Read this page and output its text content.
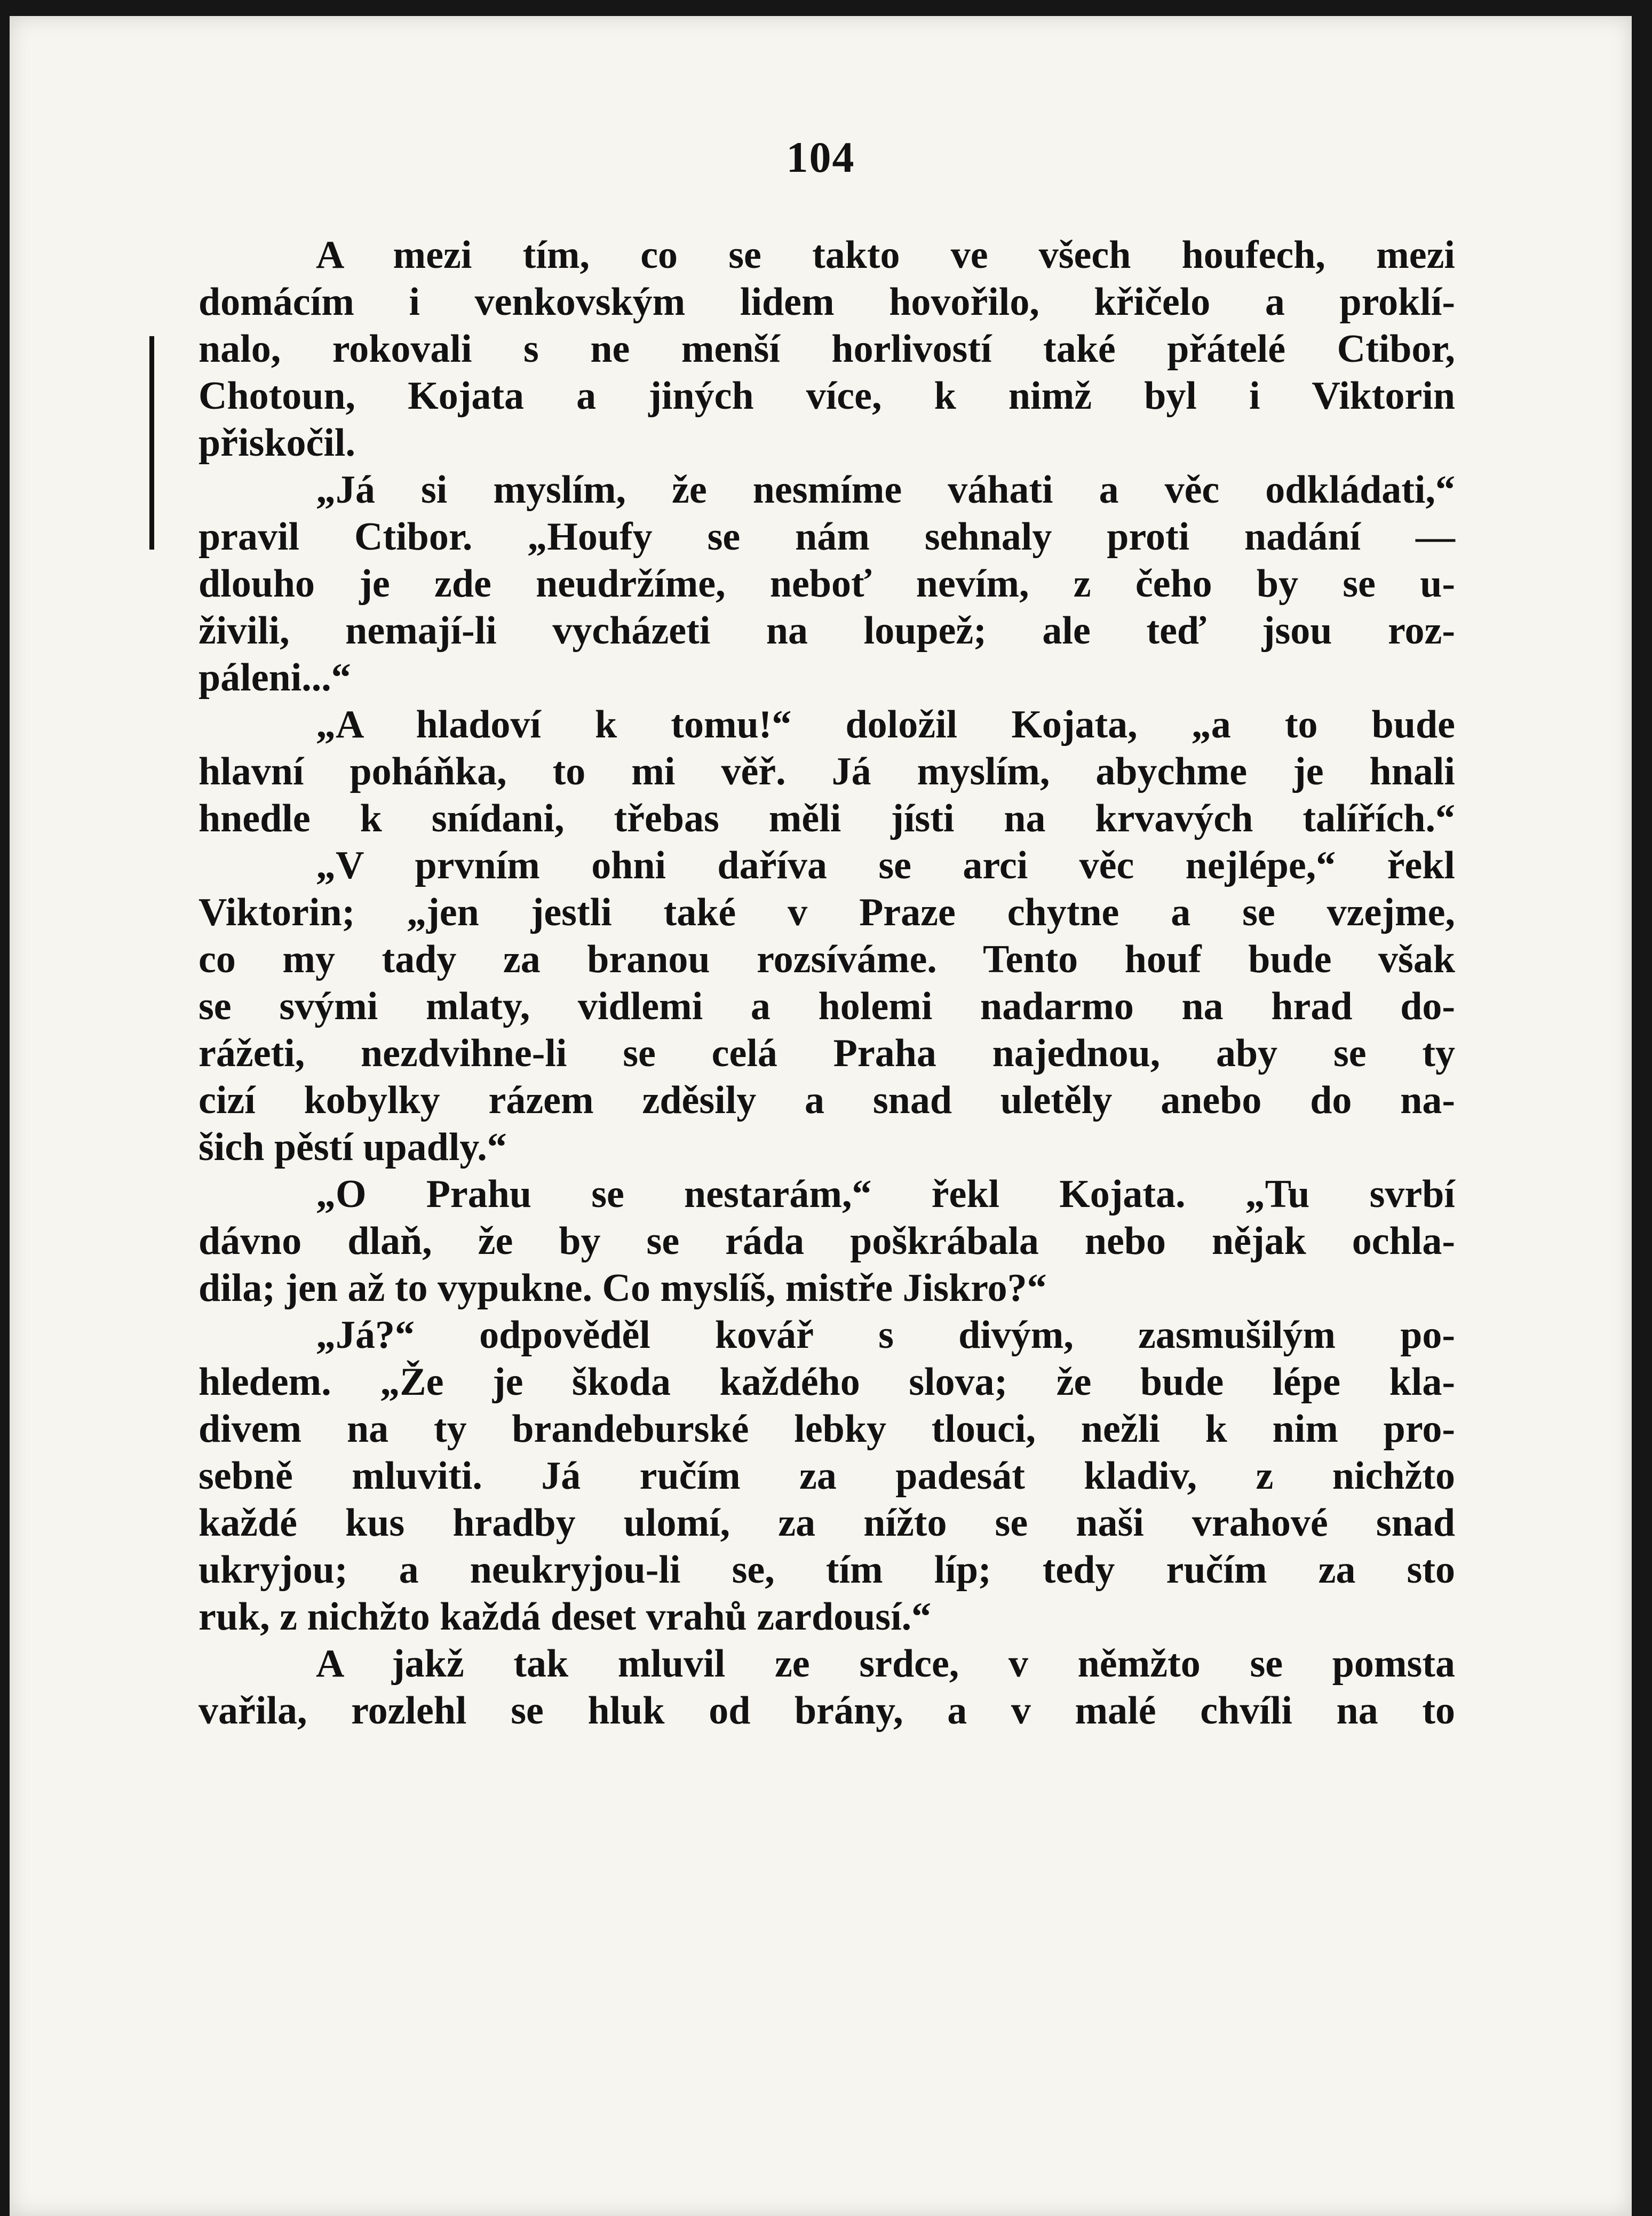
104
A mezi tím, co se takto ve všech houfech, mezi
domácím i venkovským lidem hovořilo, křičelo a proklí-
nalo, rokovali s ne menší horlivostí také přátelé Ctibor,
Chotoun, Kojata a jiných více, k nimž byl i Viktorin
přiskočil.
„Já si myslím, že nesmíme váhati a věc odkládati,“
pravil Ctibor. „Houfy se nám sehnaly proti nadání —
dlouho je zde neudržíme, neboť nevím, z čeho by se u-
živili, nemají-li vycházeti na loupež; ale teď jsou roz-
páleni...“
„A hladoví k tomu!“ doložil Kojata, „a to bude
hlavní poháňka, to mi věř. Já myslím, abychme je hnali
hnedle k snídani, třebas měli jísti na krvavých talířích.“
„V prvním ohni daříva se arci věc nejlépe,“ řekl
Viktorin; „jen jestli také v Praze chytne a se vzejme,
co my tady za branou rozsíváme. Tento houf bude však
se svými mlaty, vidlemi a holemi nadarmo na hrad do-
rážeti, nezdvihne-li se celá Praha najednou, aby se ty
cizí kobylky rázem zděsily a snad uletěly anebo do na-
šich pěstí upadly.“
„O Prahu se nestarám,“ řekl Kojata. „Tu svrbí
dávno dlaň, že by se ráda poškrábala nebo nějak ochla-
dila; jen až to vypukne. Co myslíš, mistře Jiskro?“
„Já?“ odpověděl kovář s divým, zasmušilým po-
hledem. „Že je škoda každého slova; že bude lépe kla-
divem na ty brandeburské lebky tlouci, nežli k nim pro-
sebně mluviti. Já ručím za padesát kladiv, z nichžto
každé kus hradby ulomí, za nížto se naši vrahové snad
ukryjou; a neukryjou-li se, tím líp; tedy ručím za sto
ruk, z nichžto každá deset vrahů zardousí.“
A jakž tak mluvil ze srdce, v němžto se pomsta
vařila, rozlehl se hluk od brány, a v malé chvíli na to
